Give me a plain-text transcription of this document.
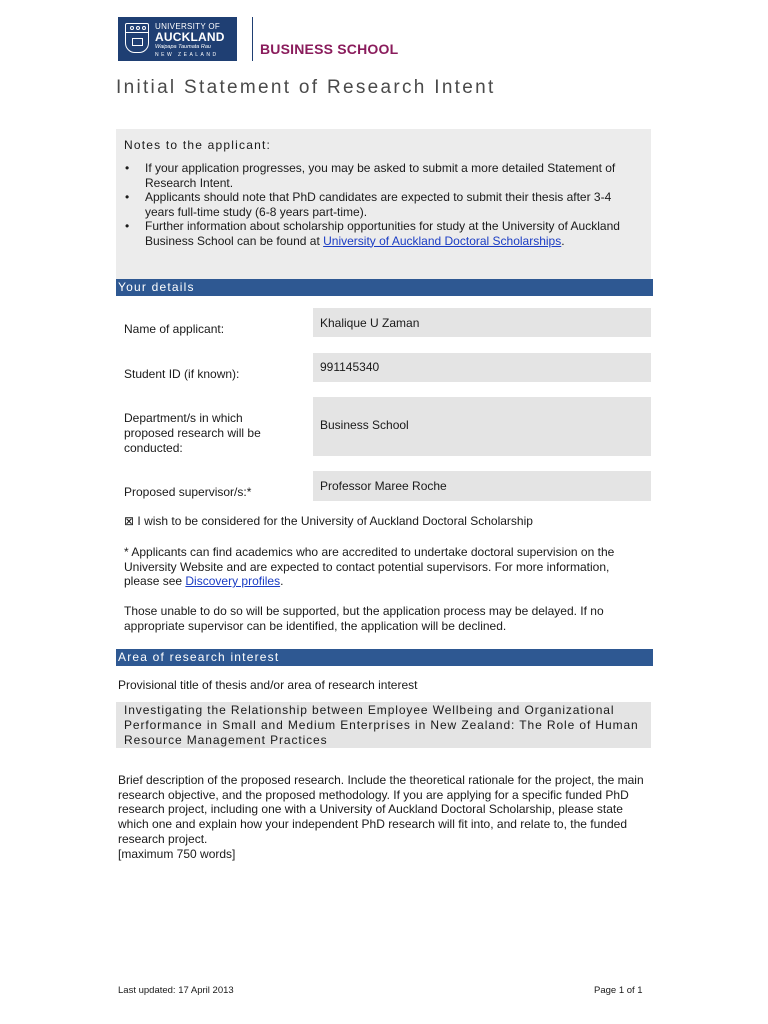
UNIVERSITY OF
AUCKLAND
Waipapa Taumata Rau
NEW ZEALAND	BUSINESS SCHOOL
Initial Statement of Research Intent
Notes to the applicant:
• If your application progresses, you may be asked to submit a more detailed Statement of Research Intent.
• Applicants should note that PhD candidates are expected to submit their thesis after 3-4 years full-time study (6-8 years part-time).
• Further information about scholarship opportunities for study at the University of Auckland Business School can be found at University of Auckland Doctoral Scholarships.
Your details
Name of applicant:	Khalique U Zaman
Student ID (if known):	991145340
Department/s in which proposed research will be conducted:
Business School
Proposed supervisor/s:*	Professor Maree Roche
⊠ I wish to be considered for the University of Auckland Doctoral Scholarship
* Applicants can find academics who are accredited to undertake doctoral supervision on the University Website and are expected to contact potential supervisors. For more information, please see Discovery profiles.
Those unable to do so will be supported, but the application process may be delayed. If no appropriate supervisor can be identified, the application will be declined.
Area of research interest
Provisional title of thesis and/or area of research interest
Investigating the Relationship between Employee Wellbeing and Organizational Performance in Small and Medium Enterprises in New Zealand: The Role of Human Resource Management Practices
Brief description of the proposed research. Include the theoretical rationale for the project, the main research objective, and the proposed methodology. If you are applying for a specific funded PhD research project, including one with a University of Auckland Doctoral Scholarship, please state which one and explain how your independent PhD research will fit into, and relate to, the funded research project.
[maximum 750 words]
Last updated: 17 April 2013	Page 1 of 1
